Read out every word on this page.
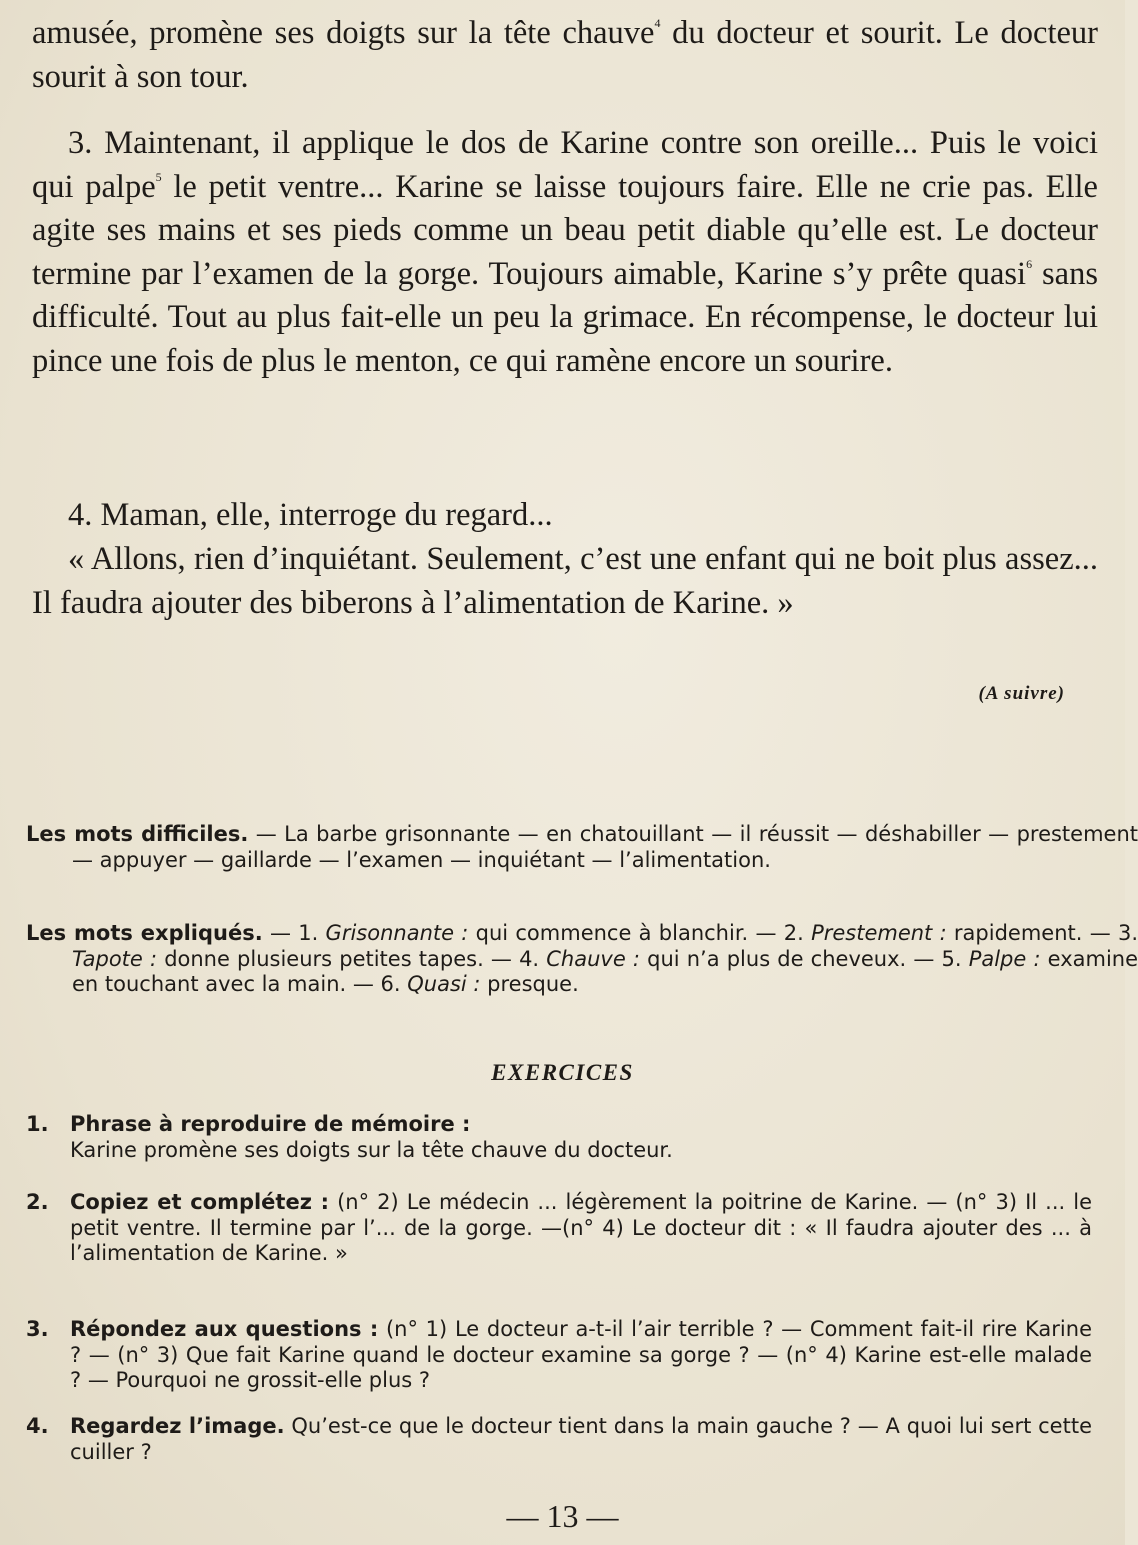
amusée, promène ses doigts sur la tête chauve$^4$ du docteur et sourit. Le docteur sourit à son tour.

3. Maintenant, il applique le dos de Karine contre son oreille... Puis le voici qui palpe$^5$ le petit ventre... Karine se laisse toujours faire. Elle ne crie pas. Elle agite ses mains et ses pieds comme un beau petit diable qu’elle est. Le docteur termine par l’examen de la gorge. Toujours aimable, Karine s’y prête quasi$^6$ sans difficulté. Tout au plus fait-elle un peu la grimace. En récompense, le docteur lui pince une fois de plus le menton, ce qui ramène encore un sourire.

4. Maman, elle, interroge du regard...

« Allons, rien d’inquiétant. Seulement, c’est une enfant qui ne boit plus assez... Il faudra ajouter des biberons à l’alimentation de Karine. »

(A suivre)

Les mots difficiles. — La barbe grisonnante — en chatouillant — il réussit — déshabiller — prestement — appuyer — gaillarde — l’examen — inquiétant — l’alimentation.

Les mots expliqués. — 1. Grisonnante : qui commence à blanchir. — 2. Prestement : rapidement. — 3. Tapote : donne plusieurs petites tapes. — 4. Chauve : qui n’a plus de cheveux. — 5. Palpe : examine en touchant avec la main. — 6. Quasi : presque.

EXERCICES
1. Phrase à reproduire de mémoire :
Karine promène ses doigts sur la tête chauve du docteur.
2. Copiez et complétez : (n° 2) Le médecin ... légèrement la poitrine de Karine. — (n° 3) Il ... le petit ventre. Il termine par l’... de la gorge. —(n° 4) Le docteur dit : « Il faudra ajouter des ... à l’alimentation de Karine. »
3. Répondez aux questions : (n° 1) Le docteur a-t-il l’air terrible ? — Comment fait-il rire Karine ? — (n° 3) Que fait Karine quand le docteur examine sa gorge ? — (n° 4) Karine est-elle malade ? — Pourquoi ne grossit-elle plus ?
4. Regardez l’image. Qu’est-ce que le docteur tient dans la main gauche ? — A quoi lui sert cette cuiller ?
— 13 —
